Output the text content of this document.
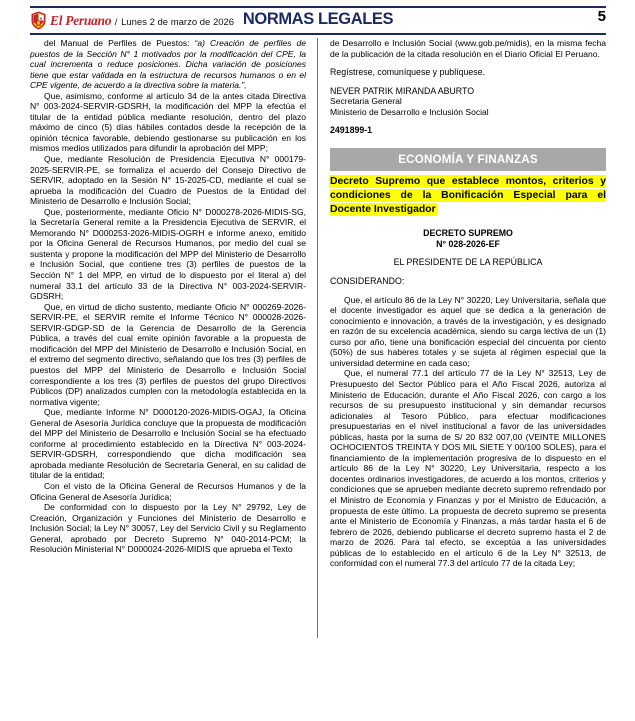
El Peruano / Lunes 2 de marzo de 2026 NORMAS LEGALES	5

del Manual de Perfiles de Puestos: “a) Creación de perfiles de puestos de la Sección N° 1 motivados por la modificación del CPE, la cual incrementa o reduce posiciones. Dicha variación de posiciones tiene que estar validada en la estructura de recursos humanos o en el CPE vigente, de acuerdo a la directiva sobre la materia.”,

Que, asimismo, conforme al artículo 34 de la antes citada Directiva N° 003-2024-SERVIR-GDSRH, la modificación del MPP la efectúa el titular de la entidad pública mediante resolución, dentro del plazo máximo de cinco (5) días hábiles contados desde la recepción de la opinión técnica favorable, debiendo gestionarse su publicación en los mismos medios utilizados para difundir la aprobación del MPP;

Que, mediante Resolución de Presidencia Ejecutiva N° 000179-2025-SERVIR-PE, se formaliza el acuerdo del Consejo Directivo de SERVIR, adoptado en la Sesión N° 15-2025-CD, mediante el cual se aprueba la modificación del Cuadro de Puestos de la Entidad del Ministerio de Desarrollo e Inclusión Social;

Que, posteriormente, mediante Oficio N° D000278-2026-MIDIS-SG, la Secretaría General remite a la Presidencia Ejecutiva de SERVIR, el Memorando N° D000253-2026-MIDIS-OGRH e informe anexo, emitido por la Oficina General de Recursos Humanos, por medio del cual se sustenta y propone la modificación del MPP del Ministerio de Desarrollo e Inclusión Social, que contiene tres (3) perfiles de puestos de la Sección N° 1 del MPP, en virtud de lo dispuesto por el literal a) del numeral 33.1 del artículo 33 de la Directiva N° 003-2024-SERVIR-GDSRH;

Que, en virtud de dicho sustento, mediante Oficio N° 000269-2026-SERVIR-PE, el SERVIR remite el Informe Técnico N° 000028-2026-SERVIR-GDGP-SD de la Gerencia de Desarrollo de la Gerencia Pública, a través del cual emite opinión favorable a la propuesta de modificación del MPP del Ministerio de Desarrollo e Inclusión Social, en el extremo del segmento directivo, señalando que los tres (3) perfiles de puestos del MPP del Ministerio de Desarrollo e Inclusión Social correspondiente a los tres (3) perfiles de puestos del grupo Directivos Públicos (DP) analizados cumplen con la metodología establecida en la normativa vigente;

Que, mediante Informe N° D000120-2026-MIDIS-OGAJ, la Oficina General de Asesoría Jurídica concluye que la propuesta de modificación del MPP del Ministerio de Desarrollo e Inclusión Social se ha efectuado conforme al procedimiento establecido en la Directiva N° 003-2024-SERVIR-GDSRH, correspondiendo que dicha modificación sea aprobada mediante Resolución de Secretaría General, en su calidad de titular de la entidad;

Con el visto de la Oficina General de Recursos Humanos y de la Oficina General de Asesoría Jurídica;

De conformidad con lo dispuesto por la Ley N° 29792, Ley de Creación, Organización y Funciones del Ministerio de Desarrollo e Inclusión Social; la Ley N° 30057, Ley del Servicio Civil y su Reglamento General, aprobado por Decreto Supremo N° 040-2014-PCM; la Resolución Ministerial N° D000024-2026-MIDIS que aprueba el Texto

de Desarrollo e Inclusión Social (www.gob.pe/midis), en la misma fecha de la publicación de la citada resolución en el Diario Oficial El Peruano.

Regístrese, comuníquese y publíquese.

NEVER PATRIK MIRANDA ABURTO

Secretaria General

Ministerio de Desarrollo e Inclusión Social

2491899-1

ECONOMÍA Y FINANZAS

Decreto Supremo que establece montos, criterios y condiciones de la Bonificación Especial para el Docente Investigador

DECRETO SUPREMO

N° 028-2026-EF

EL PRESIDENTE DE LA REPÚBLICA

CONSIDERANDO:

Que, el artículo 86 de la Ley N° 30220, Ley Universitaria, señala que el docente investigador es aquel que se dedica a la generación de conocimiento e innovación, a través de la investigación, y es designado en razón de su excelencia académica, siendo su carga lectiva de un (1) curso por año, tiene una bonificación especial del cincuenta por ciento (50%) de sus haberes totales y se sujeta al régimen especial que la universidad determine en cada caso;

Que, el numeral 77.1 del artículo 77 de la Ley N° 32513, Ley de Presupuesto del Sector Público para el Año Fiscal 2026, autoriza al Ministerio de Educación, durante el Año Fiscal 2026, con cargo a los recursos de su presupuesto institucional y sin demandar recursos adicionales al Tesoro Público, para efectuar modificaciones presupuestarias en el nivel institucional a favor de las universidades públicas, hasta por la suma de S/ 20 832 007,00 (VEINTE MILLONES OCHOCIENTOS TREINTA Y DOS MIL SIETE Y 00/100 SOLES), para el financiamiento de la implementación progresiva de lo dispuesto en el artículo 86 de la Ley N° 30220, Ley Universitaria, respecto a los docentes ordinarios investigadores, de acuerdo a los montos, criterios y condiciones que se aprueben mediante decreto supremo refrendado por el Ministro de Economía y Finanzas y por el Ministro de Educación, a propuesta de este último. La propuesta de decreto supremo se presenta ante el Ministerio de Economía y Finanzas, a más tardar hasta el 6 de febrero de 2026, debiendo publicarse el decreto supremo hasta el 2 de marzo de 2026. Para tal efecto, se exceptúa a las universidades públicas de lo establecido en el artículo 6 de la Ley N° 32513, de conformidad con el numeral 77.3 del artículo 77 de la citada Ley;
